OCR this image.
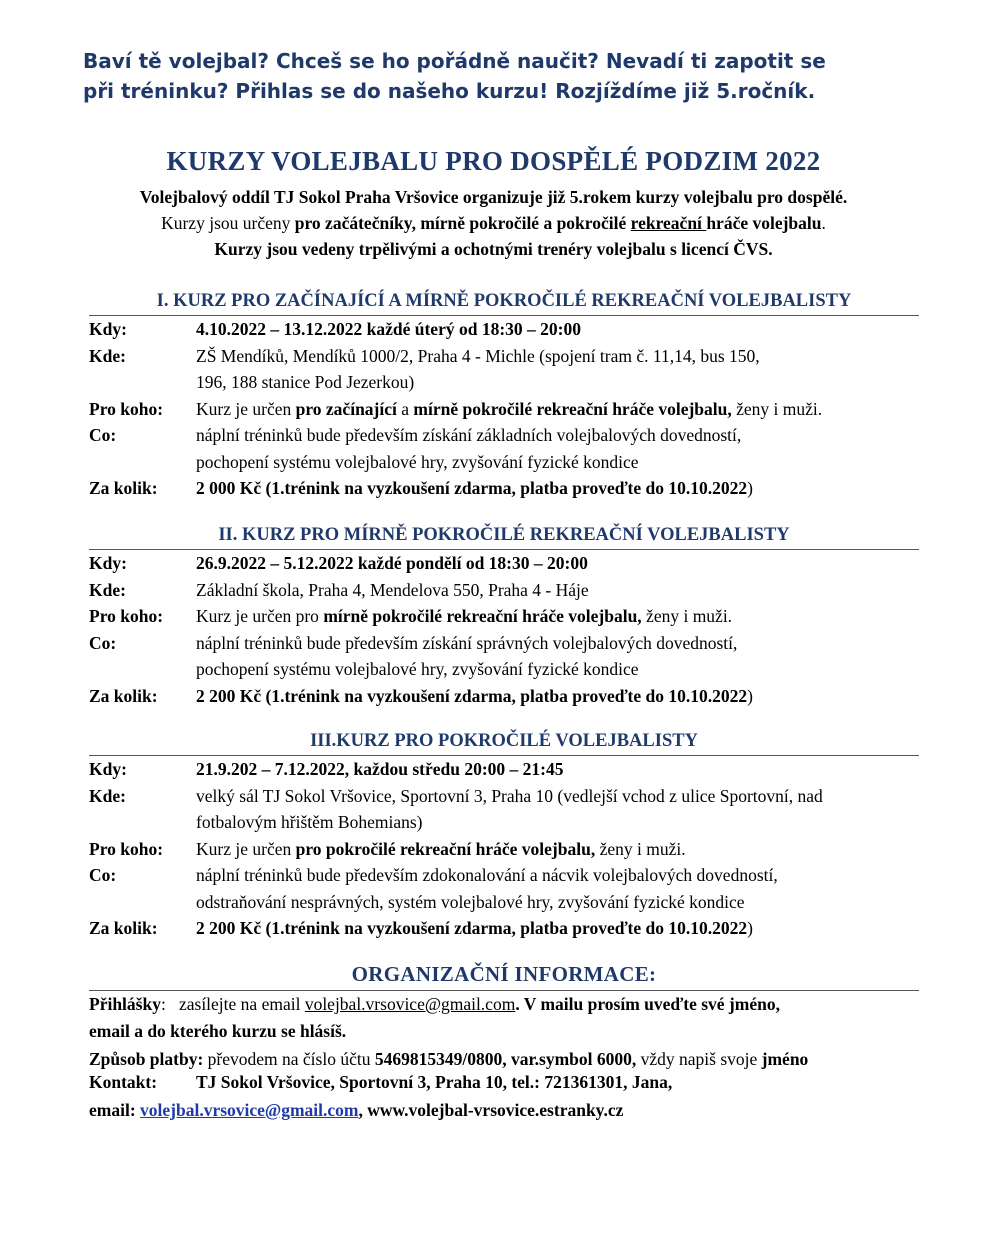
Baví tě volejbal? Chceš se ho pořádně naučit? Nevadí ti zapotit se
při tréninku? Přihlas se do našeho kurzu! Rozjíždíme již 5.ročník.
KURZY VOLEJBALU PRO DOSPĚLÉ PODZIM 2022

Volejbalový oddíl TJ Sokol Praha Vršovice organizuje již 5.rokem kurzy volejbalu pro dospělé.

Kurzy jsou určeny pro začátečníky, mírně pokročilé a pokročilé rekreační hráče volejbalu.

Kurzy jsou vedeny trpělivými a ochotnými trenéry volejbalu s licencí ČVS.

I. KURZ PRO ZAČÍNAJÍCÍ A MÍRNĚ POKROČILÉ REKREAČNÍ VOLEJBALISTY
Kdy:	4.10.2022 – 13.12.2022 každé úterý od 18:30 – 20:00
Kde:	ZŠ Mendíků, Mendíků 1000/2, Praha 4 - Michle (spojení tram č. 11,14, bus 150,
196, 188 stanice Pod Jezerkou)
Pro koho:	Kurz je určen pro začínající a mírně pokročilé rekreační hráče volejbalu, ženy i muži.
Co:	náplní tréninků bude především získání základních volejbalových dovedností,
pochopení systému volejbalové hry, zvyšování fyzické kondice
Za kolik:	2 000 Kč (1.trénink na vyzkoušení zdarma, platba proveďte do 10.10.2022)
II. KURZ PRO MÍRNĚ POKROČILÉ REKREAČNÍ VOLEJBALISTY
Kdy:	26.9.2022 – 5.12.2022 každé pondělí od 18:30 – 20:00
Kde:	Základní škola, Praha 4, Mendelova 550, Praha 4 - Háje
Pro koho:	Kurz je určen pro mírně pokročilé rekreační hráče volejbalu, ženy i muži.
Co:	náplní tréninků bude především získání správných volejbalových dovedností,
pochopení systému volejbalové hry, zvyšování fyzické kondice
Za kolik:	2 200 Kč (1.trénink na vyzkoušení zdarma, platba proveďte do 10.10.2022)
III.KURZ PRO POKROČILÉ VOLEJBALISTY
Kdy:	21.9.202 – 7.12.2022, každou středu 20:00 – 21:45
Kde:	velký sál TJ Sokol Vršovice, Sportovní 3, Praha 10 (vedlejší vchod z ulice Sportovní, nad
fotbalovým hřištěm Bohemians)
Pro koho:	Kurz je určen pro pokročilé rekreační hráče volejbalu, ženy i muži.
Co:	náplní tréninků bude především zdokonalování a nácvik volejbalových dovedností,
odstraňování nesprávných, systém volejbalové hry, zvyšování fyzické kondice
Za kolik:	2 200 Kč (1.trénink na vyzkoušení zdarma, platba proveďte do 10.10.2022)
ORGANIZAČNÍ INFORMACE:

Přihlášky: zasílejte na email volejbal.vrsovice@gmail.com. V mailu prosím uveďte své jméno,

email a do kterého kurzu se hlásíš.

Způsob platby: převodem na číslo účtu 5469815349/0800, var.symbol 6000, vždy napiš svoje jméno

Kontakt: TJ Sokol Vršovice, Sportovní 3, Praha 10, tel.: 721361301, Jana,

email: volejbal.vrsovice@gmail.com, www.volejbal-vrsovice.estranky.cz
